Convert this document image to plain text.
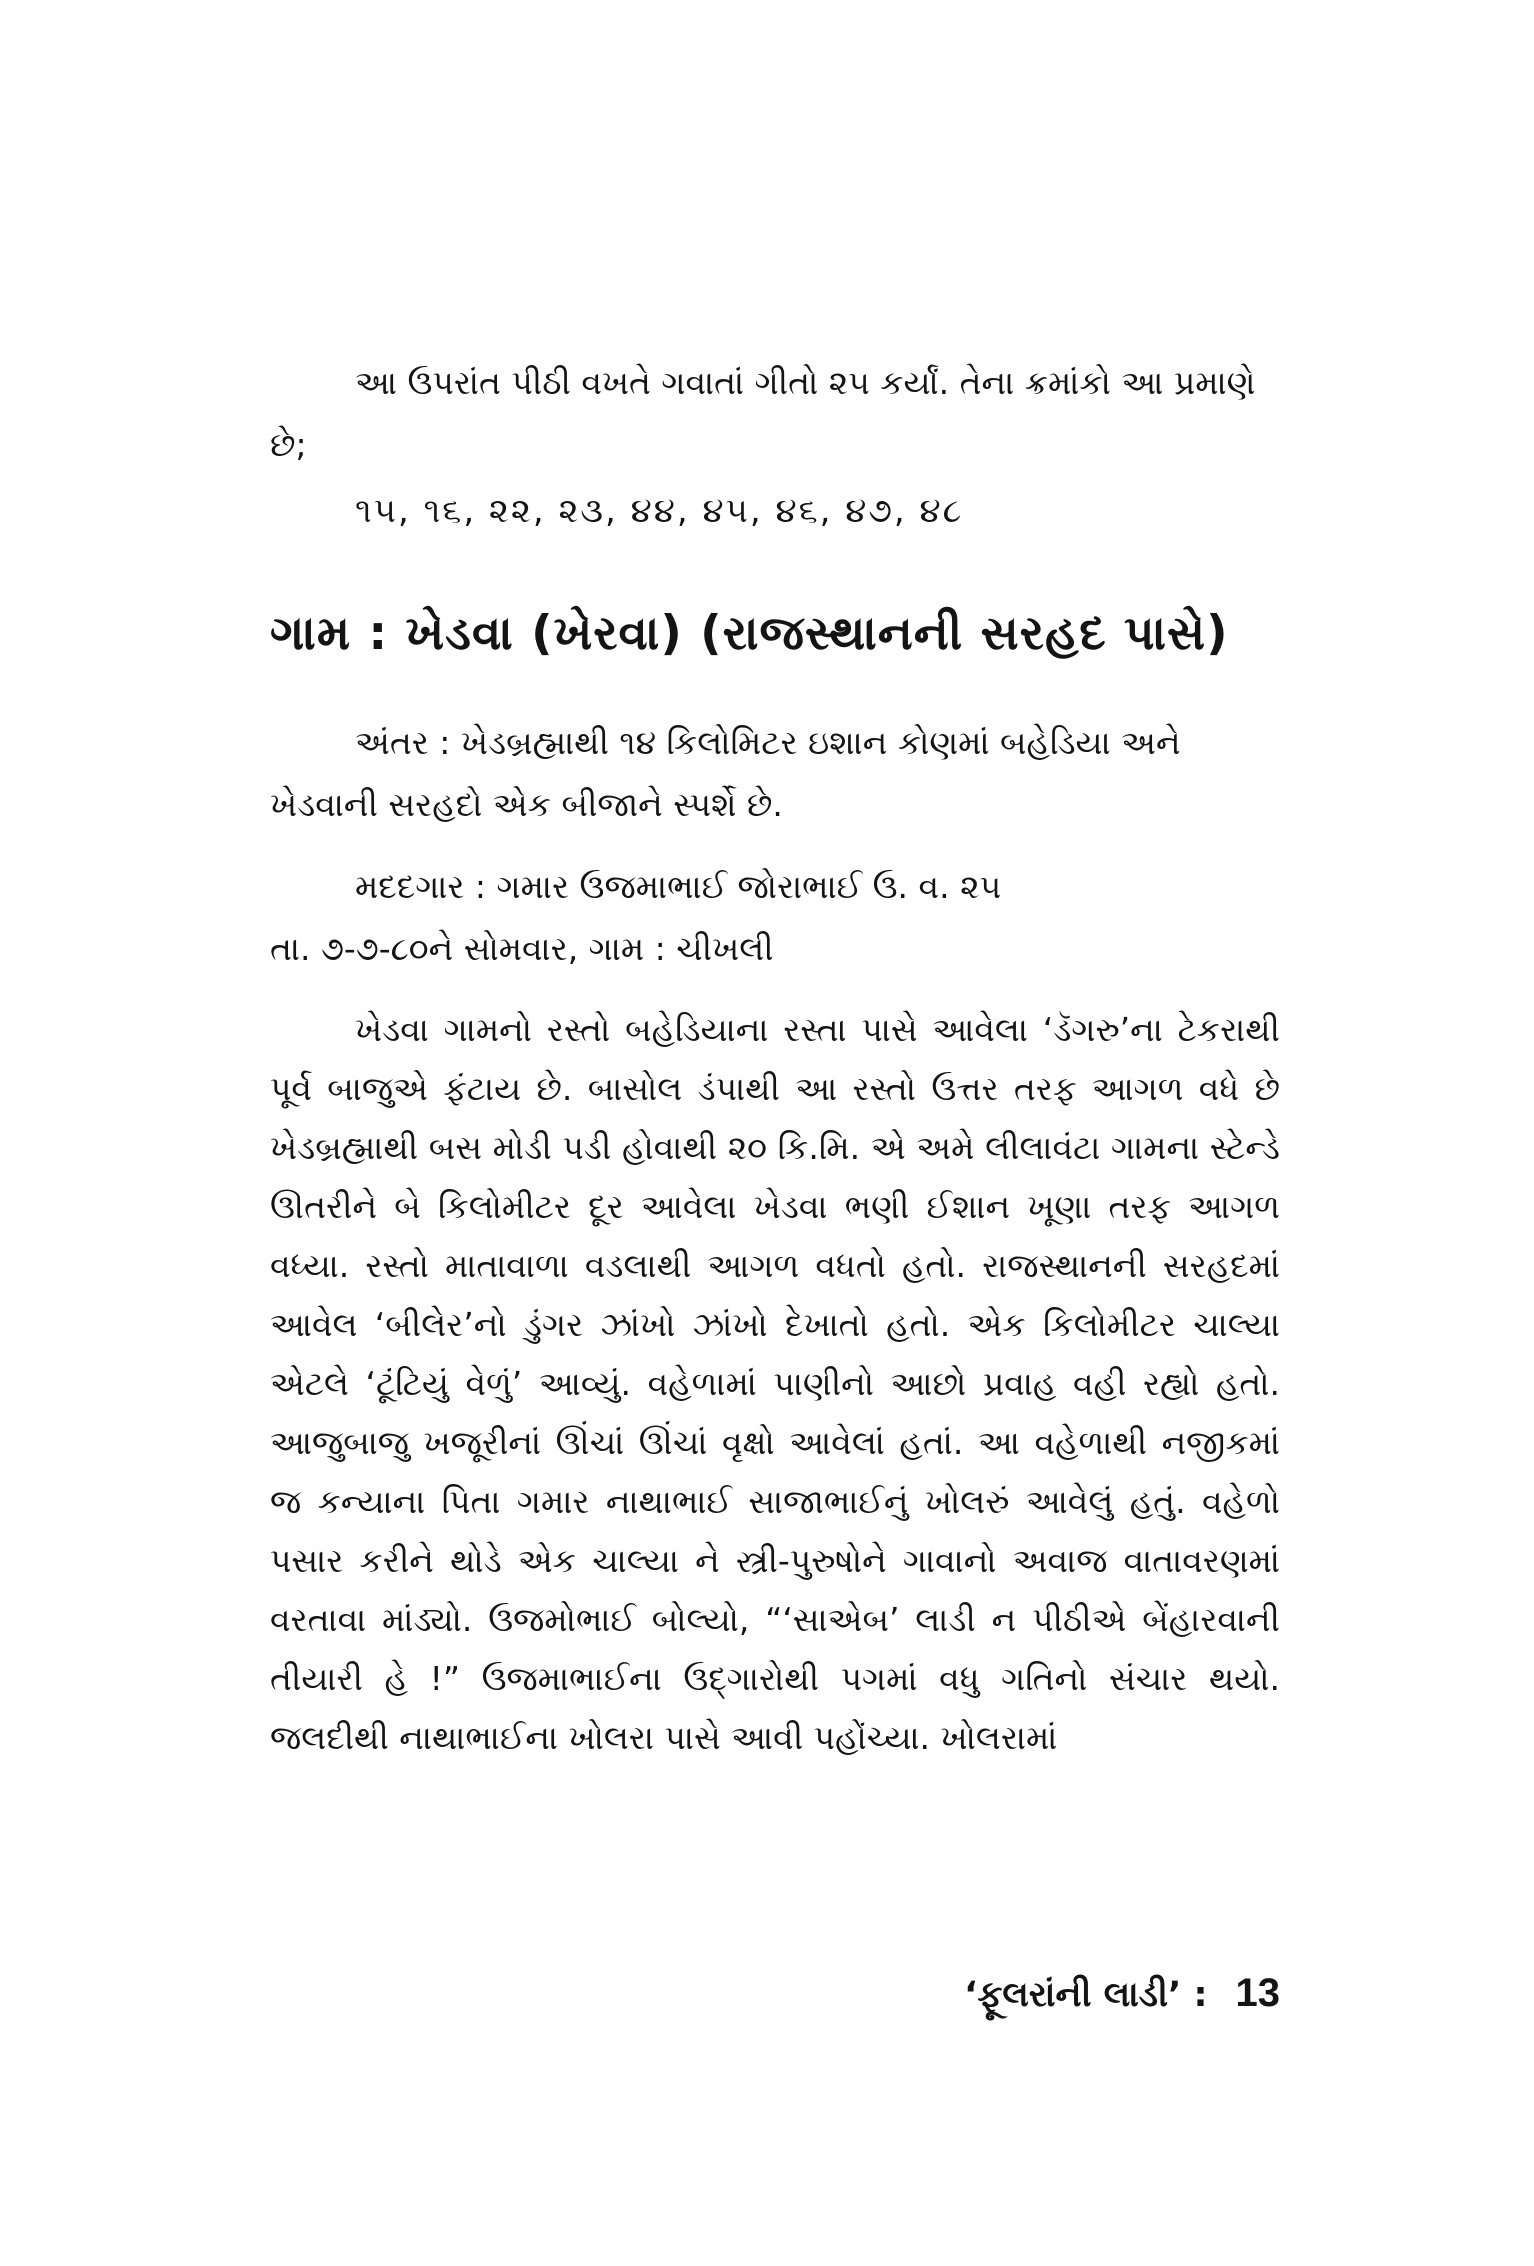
આ ઉપરાંત પીઠી વખતે ગવાતાં ગીતો ૨૫ કર્યાં. તેના ક્રમાંકો આ પ્રમાણે છે;

૧૫, ૧૬, ૨૨, ૨૩, ૪૪, ૪૫, ૪૬, ૪૭, ૪૮
ગામ : ખેડવા (ખેરવા) (રાજસ્થાનની સરહદ પાસે)

અંતર : ખેડબ્રહ્માથી ૧૪ કિલોમિટર ઇશાન કોણમાં બહેડિયા અને ખેડવાની સરહદો એક બીજાને સ્પર્શે છે.

મદદગાર : ગમાર ઉજમાભાઈ જોરાભાઈ ઉ. વ. ૨૫
તા. ૭-૭-૮૦ને સોમવાર, ગામ : ચીખલી

ખેડવા ગામનો રસ્તો બહેડિયાના રસ્તા પાસે આવેલા ‘ડૅગરુ’ના ટેકરાથી પૂર્વ બાજુએ ફંટાય છે. બાસોલ ડંપાથી આ રસ્તો ઉત્તર તરફ આગળ વધે છે ખેડબ્રહ્માથી બસ મોડી પડી હોવાથી ૨૦ કિ.મિ. એ અમે લીલાવંટા ગામના સ્ટેન્ડે ઊતરીને બે કિલોમીટર દૂર આવેલા ખેડવા ભણી ઈશાન ખૂણા તરફ આગળ વધ્યા. રસ્તો માતાવાળા વડલાથી આગળ વધતો હતો. રાજસ્થાનની સરહદમાં આવેલ ‘બીલેર’નો ડુંગર ઝાંખો ઝાંખો દેખાતો હતો. એક કિલોમીટર ચાલ્યા એટલે ‘ટૂંટિયું વેળું’ આવ્યું. વહેળામાં પાણીનો આછો પ્રવાહ વહી રહ્યો હતો. આજુબાજુ ખજૂરીનાં ઊંચાં ઊંચાં વૃક્ષો આવેલાં હતાં. આ વહેળાથી નજીકમાં જ કન્યાના પિતા ગમાર નાથાભાઈ સાજાભાઈનું ખોલરું આવેલું હતું. વહેળો પસાર કરીને થોડે એક ચાલ્યા ને સ્ત્રી-પુરુષોને ગાવાનો અવાજ વાતાવરણમાં વરતાવા માંડ્યો. ઉજમોભાઈ બોલ્યો, “‘સાએબ’ લાડી ન પીઠીએ બેંહારવાની તીયારી હે !” ઉજમાભાઈના ઉદ્ગારોથી પગમાં વધુ ગતિનો સંચાર થયો. જલદીથી નાથાભાઈના ખોલરા પાસે આવી પહોંચ્યા. ખોલરામાં

‘ફૂલરાંની લાડી’ : 13
